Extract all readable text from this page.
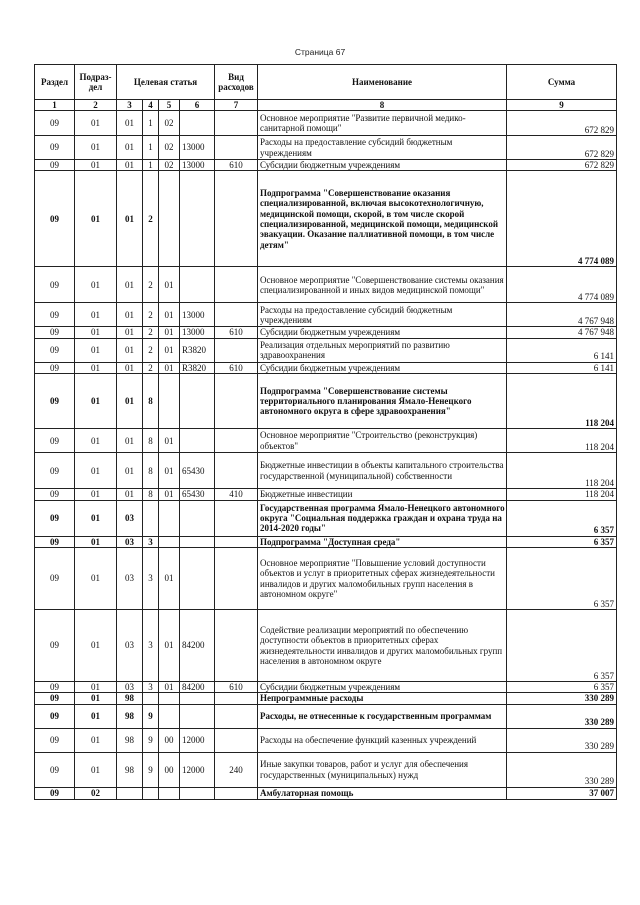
Страница 67
Раздел	Подраз-дел	Целевая статья				Вид расходов	Наименование	Сумма
1	2	3	4	5	6	7	8	9
09	01	01	1	02			Основное мероприятие "Развитие первичной медико-санитарной помощи"	672 829
09	01	01	1	02	13000		Расходы на предоставление субсидий бюджетным учреждениям	672 829
09	01	01	1	02	13000	610	Субсидии бюджетным учреждениям	672 829
09	01	01	2				Подпрограмма "Совершенствование оказания специализированной, включая высокотехнологичную, медицинской помощи, скорой, в том числе скорой специализированной, медицинской помощи, медицинской эвакуации. Оказание паллиативной помощи, в том числе детям"	4 774 089
09	01	01	2	01			Основное мероприятие "Совершенствование системы оказания специализированной и иных видов медицинской помощи"	4 774 089
09	01	01	2	01	13000		Расходы на предоставление субсидий бюджетным учреждениям	4 767 948
09	01	01	2	01	13000	610	Субсидии бюджетным учреждениям	4 767 948
09	01	01	2	01	R3820		Реализация отдельных мероприятий по развитию здравоохранения	6 141
09	01	01	2	01	R3820	610	Субсидии бюджетным учреждениям	6 141
09	01	01	8				Подпрограмма "Совершенствование системы территориального планирования Ямало-Ненецкого автономного округа в сфере здравоохранения"	118 204
09	01	01	8	01			Основное мероприятие "Строительство (реконструкция) объектов"	118 204
09	01	01	8	01	65430		Бюджетные инвестиции в объекты капитального строительства государственной (муниципальной) собственности	118 204
09	01	01	8	01	65430	410	Бюджетные инвестиции	118 204
09	01	03					Государственная программа Ямало-Ненецкого автономного округа "Социальная поддержка граждан и охрана труда на 2014-2020 годы"	6 357
09	01	03	3				Подпрограмма "Доступная среда"	6 357
09	01	03	3	01			Основное мероприятие "Повышение условий доступности объектов и услуг в приоритетных сферах жизнедеятельности инвалидов и других маломобильных групп населения в автономном округе"	6 357
09	01	03	3	01	84200		Содействие реализации мероприятий по обеспечению доступности объектов в приоритетных сферах жизнедеятельности инвалидов и других маломобильных групп населения в автономном округе	6 357
09	01	03	3	01	84200	610	Субсидии бюджетным учреждениям	6 357
09	01	98					Непрограммные расходы	330 289
09	01	98	9				Расходы, не отнесенные к государственным программам	330 289
09	01	98	9	00	12000		Расходы на обеспечение функций казенных учреждений	330 289
09	01	98	9	00	12000	240	Иные закупки товаров, работ и услуг для обеспечения государственных (муниципальных) нужд	330 289
09	02						Амбулаторная помощь	37 007
